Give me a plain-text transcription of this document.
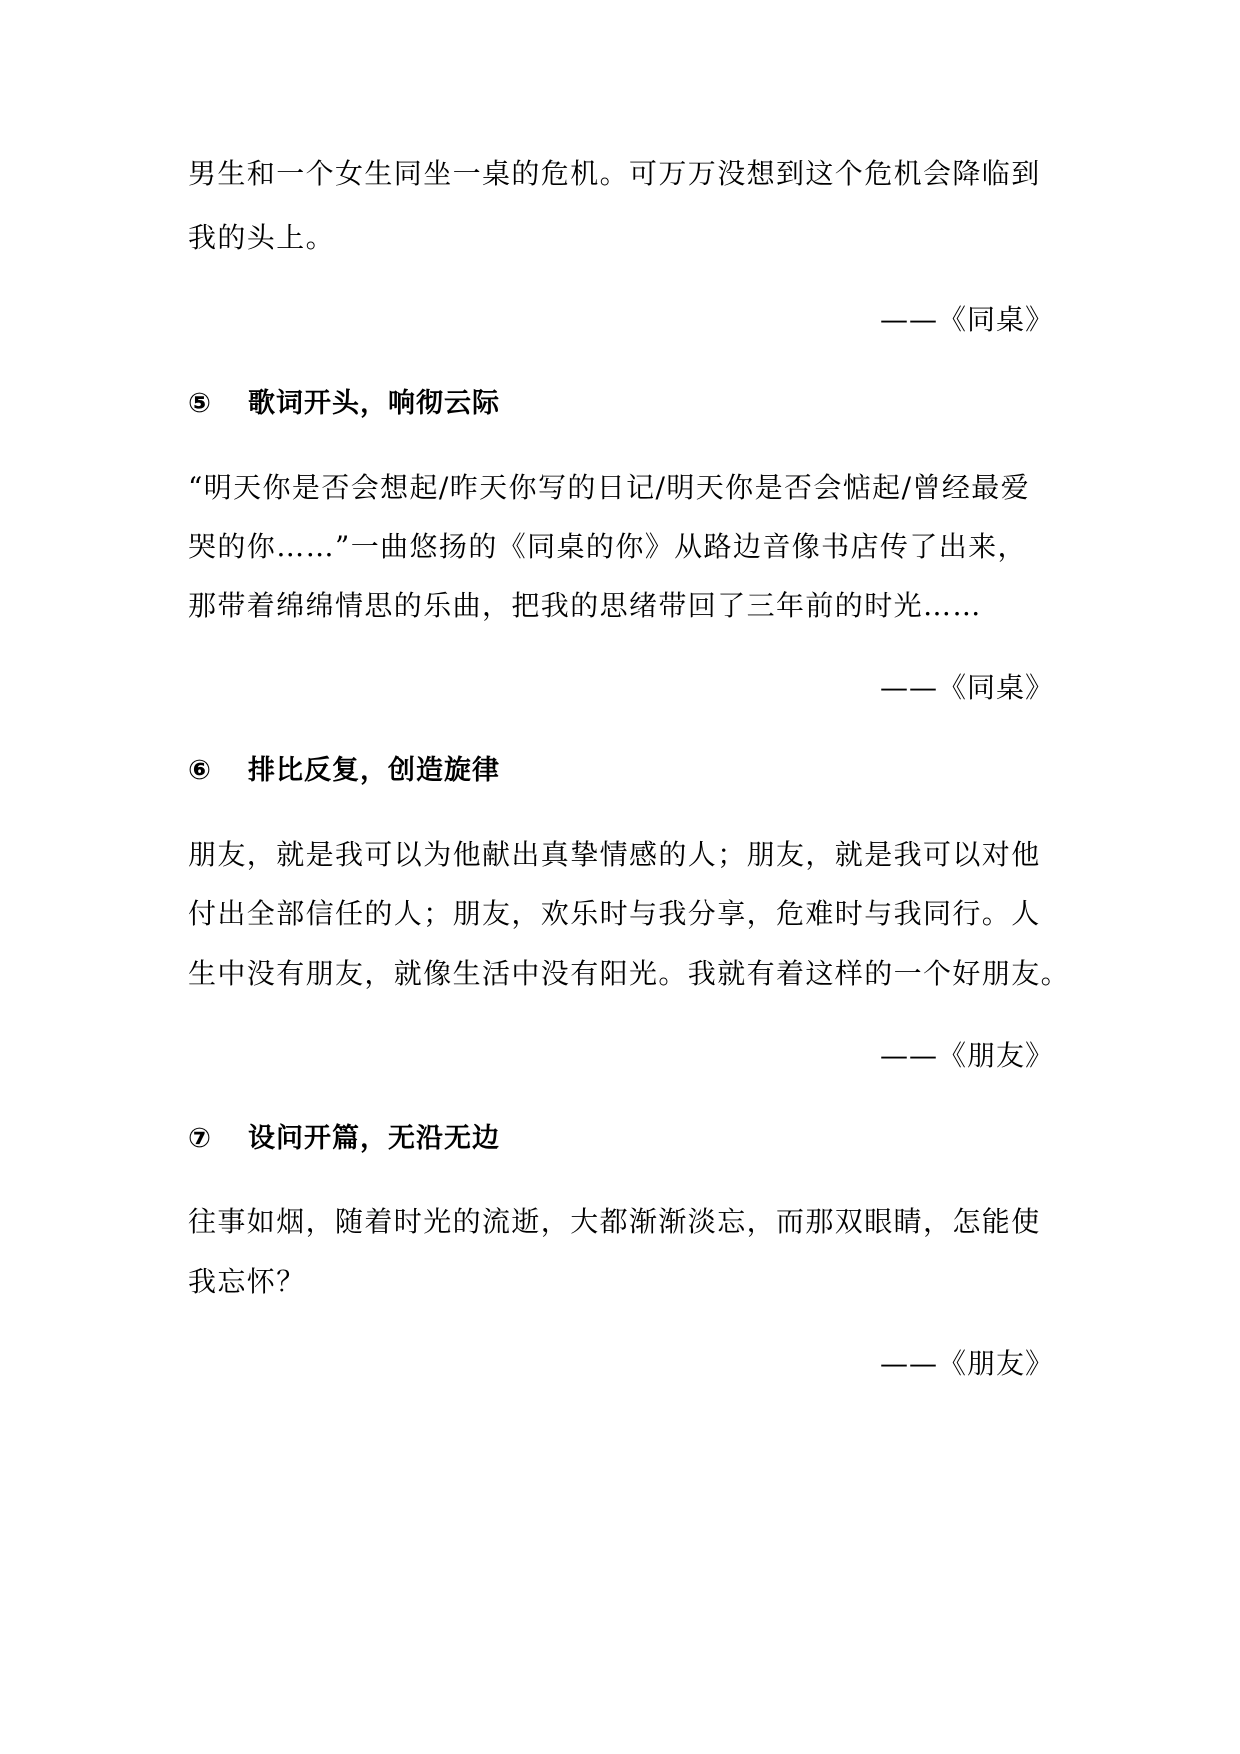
男生和一个女生同坐一桌的危机。可万万没想到这个危机会降临到
我的头上。
——《同桌》
⑤ 歌词开头，响彻云际
“明天你是否会想起/昨天你写的日记/明天你是否会惦起/曾经最爱
哭的你……”一曲悠扬的《同桌的你》从路边音像书店传了出来，
那带着绵绵情思的乐曲，把我的思绪带回了三年前的时光……
——《同桌》
⑥ 排比反复，创造旋律
朋友，就是我可以为他献出真挚情感的人；朋友，就是我可以对他
付出全部信任的人；朋友，欢乐时与我分享，危难时与我同行。人
生中没有朋友，就像生活中没有阳光。我就有着这样的一个好朋友。
——《朋友》
⑦ 设问开篇，无沿无边
往事如烟，随着时光的流逝，大都渐渐淡忘，而那双眼睛，怎能使
我忘怀？
——《朋友》
